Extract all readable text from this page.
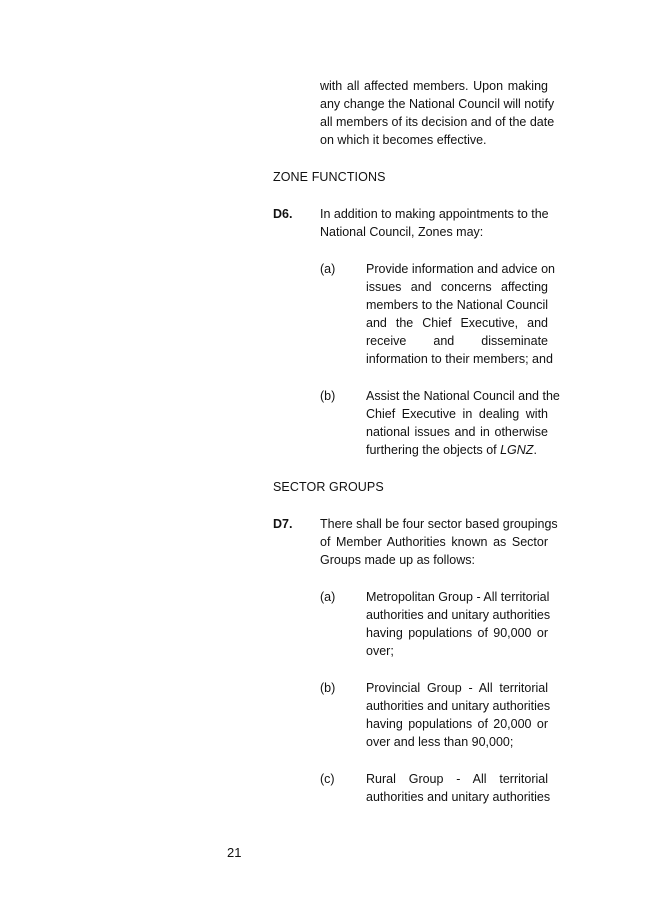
with all affected members. Upon making
any change the National Council will notify
all members of its decision and of the date
on which it becomes effective.
ZONE FUNCTIONS
D6. In addition to making appointments to the
National Council, Zones may:
(a) Provide information and advice on
issues and concerns affecting
members to the National Council
and the Chief Executive, and
receive and disseminate
information to their members; and
(b) Assist the National Council and the
Chief Executive in dealing with
national issues and in otherwise
furthering the objects of LGNZ.
SECTOR GROUPS
D7. There shall be four sector based groupings
of Member Authorities known as Sector
Groups made up as follows:
(a) Metropolitan Group - All territorial
authorities and unitary authorities
having populations of 90,000 or
over;
(b) Provincial Group - All territorial
authorities and unitary authorities
having populations of 20,000 or
over and less than 90,000;
(c)	Rural Group - All territorial
authorities and unitary authorities
21
